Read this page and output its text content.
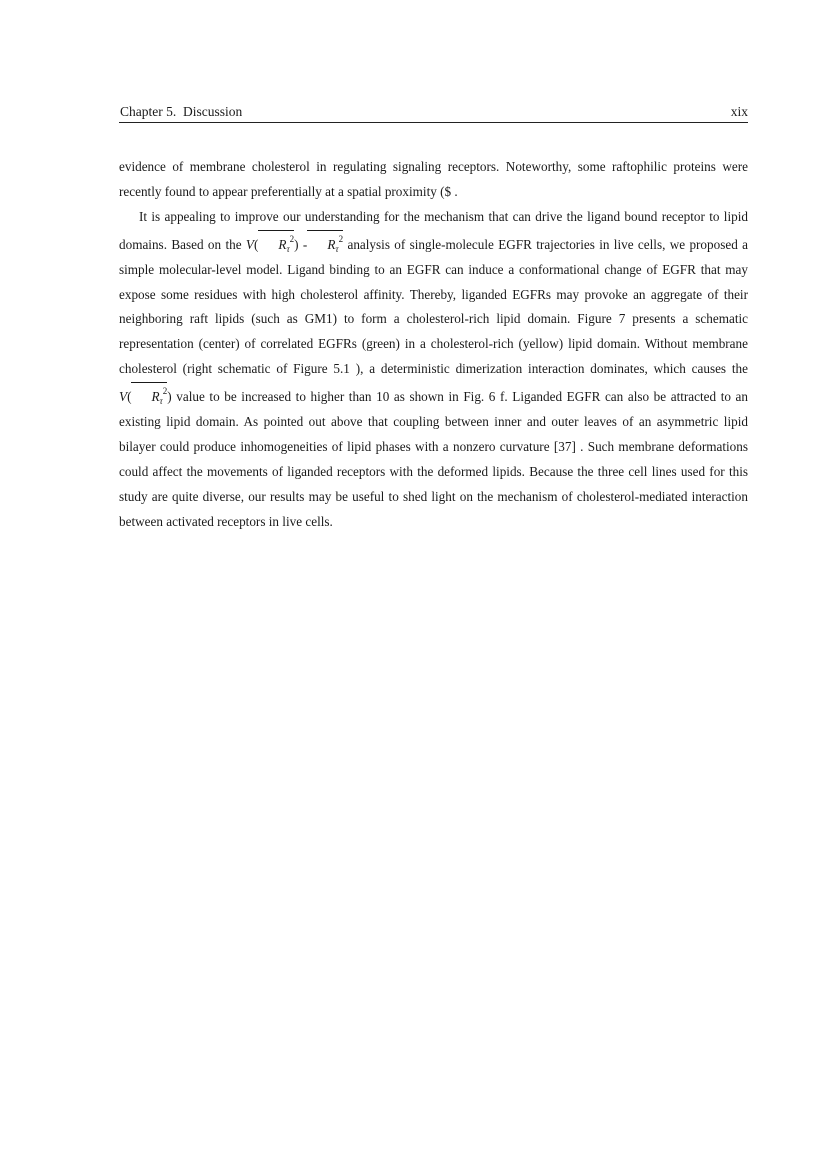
Chapter 5.  Discussion	xix

evidence of membrane cholesterol in regulating signaling receptors. Noteworthy, some raftophilic proteins were recently found to appear preferentially at a spatial proximity ($ .

It is appealing to improve our understanding for the mechanism that can drive the ligand bound receptor to lipid domains. Based on the V( $R_\tau^2) - R_\tau^2$ analysis of single-molecule EGFR trajectories in live cells, we proposed a simple molecular-level model. Ligand binding to an EGFR can induce a conformational change of EGFR that may expose some residues with high cholesterol affinity. Thereby, liganded EGFRs may provoke an aggregate of their neighboring raft lipids (such as GM1) to form a cholesterol-rich lipid domain. Figure 7 presents a schematic representation (center) of correlated EGFRs (green) in a cholesterol-rich (yellow) lipid domain. Without membrane cholesterol (right schematic of Figure 5.1 ), a deterministic dimerization interaction dominates, which causes the V( $R_\tau^2$) value to be increased to higher than 10 as shown in Fig. 6 f. Liganded EGFR can also be attracted to an existing lipid domain. As pointed out above that coupling between inner and outer leaves of an asymmetric lipid bilayer could produce inhomogeneities of lipid phases with a nonzero curvature [37] . Such membrane deformations could affect the movements of liganded receptors with the deformed lipids. Because the three cell lines used for this study are quite diverse, our results may be useful to shed light on the mechanism of cholesterol-mediated interaction between activated receptors in live cells.
